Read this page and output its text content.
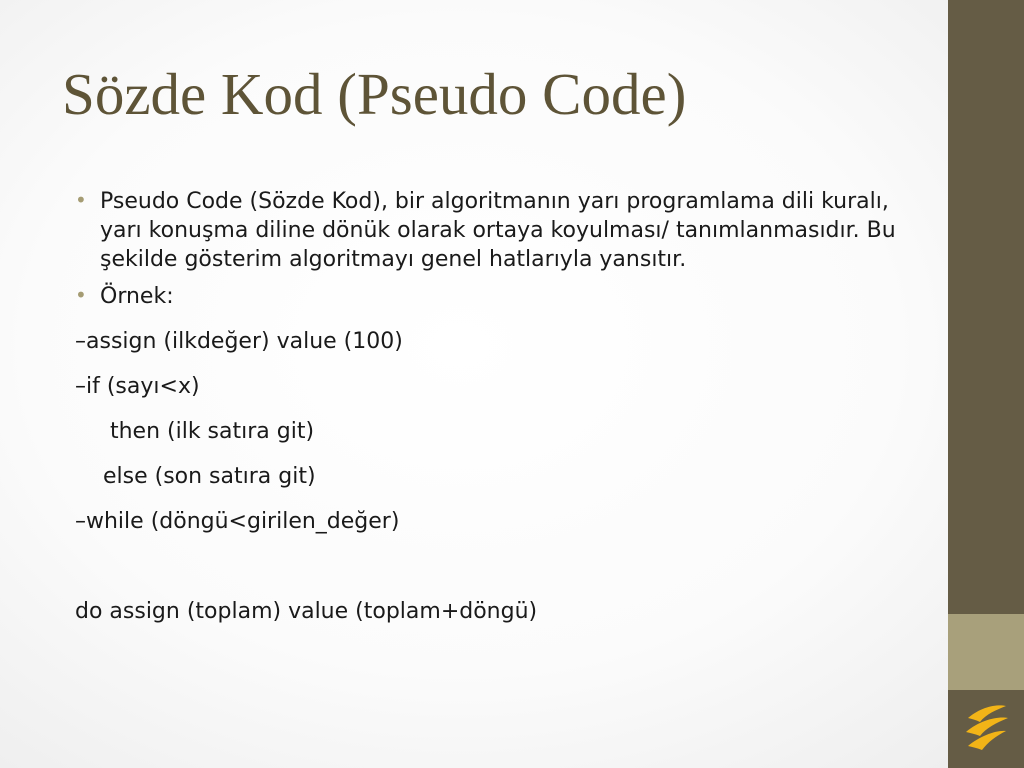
Sözde Kod (Pseudo Code)
• Pseudo Code (Sözde Kod), bir algoritmanın yarı programlama dili kuralı, yarı konuşma diline dönük olarak ortaya koyulması/ tanımlanmasıdır. Bu şekilde gösterim algoritmayı genel hatlarıyla yansıtır.
• Örnek:

–assign (ilkdeğer) value (100)

–if (sayı<x)

then (ilk satıra git)

else (son satıra git)

–while (döngü<girilen_değer)

do assign (toplam) value (toplam+döngü)
